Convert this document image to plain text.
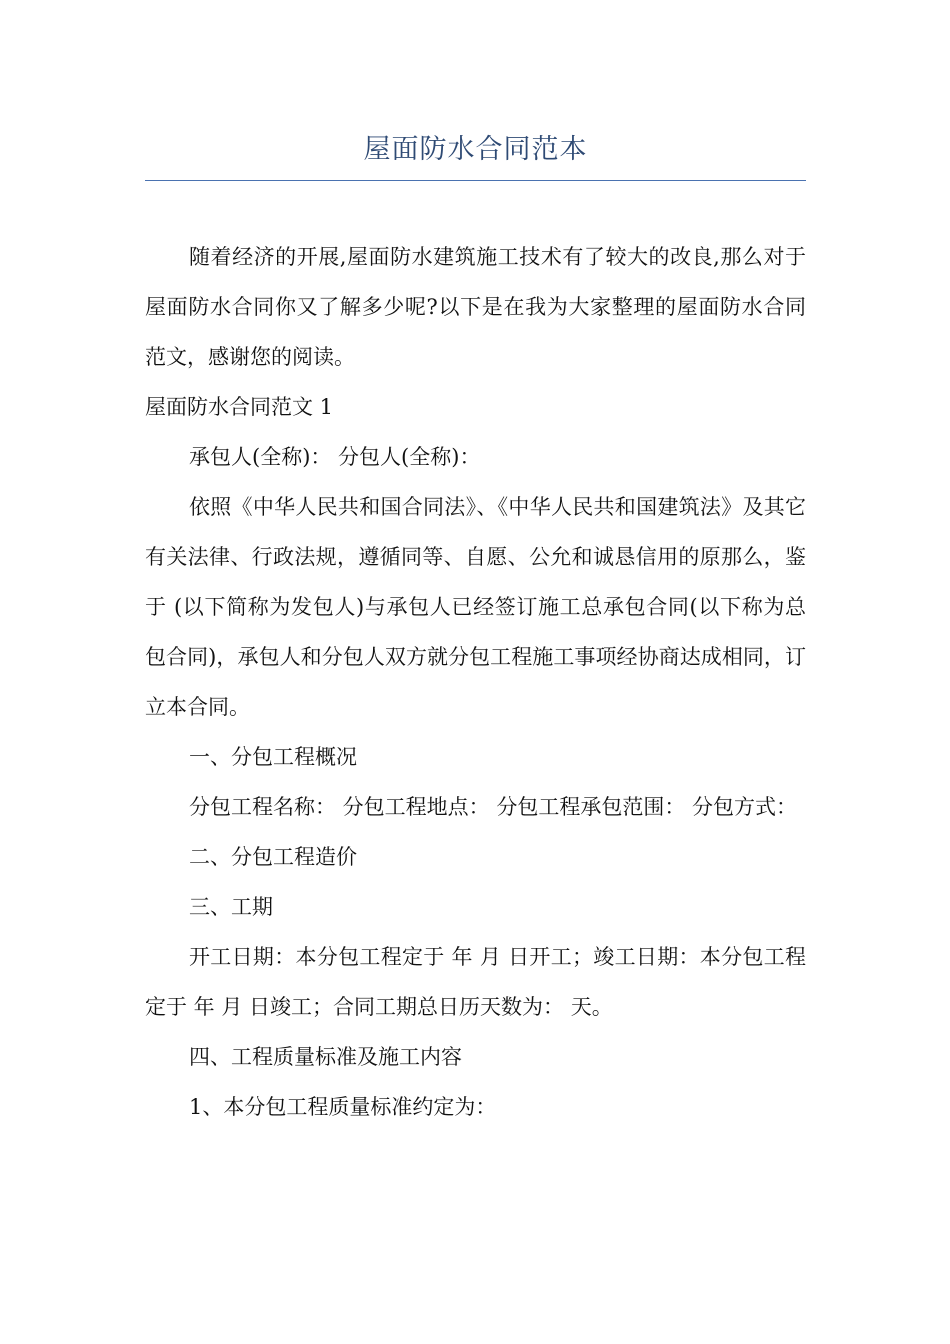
屋面防水合同范本

随着经济的开展,屋面防水建筑施工技术有了较大的改良,那么对于屋面防水合同你又了解多少呢?以下是在我为大家整理的屋面防水合同范文，感谢您的阅读。

屋面防水合同范文 1

承包人(全称)： 分包人(全称)：

依照《中华人民共和国合同法》、《中华人民共和国建筑法》及其它有关法律、行政法规，遵循同等、自愿、公允和诚恳信用的原那么，鉴于 (以下简称为发包人)与承包人已经签订施工总承包合同(以下称为总包合同)，承包人和分包人双方就分包工程施工事项经协商达成相同，订立本合同。

一、分包工程概况

分包工程名称： 分包工程地点： 分包工程承包范围： 分包方式：

二、分包工程造价

三、工期

开工日期：本分包工程定于 年 月 日开工；竣工日期：本分包工程定于 年 月 日竣工；合同工期总日历天数为： 天。

四、工程质量标准及施工内容

1、本分包工程质量标准约定为：
